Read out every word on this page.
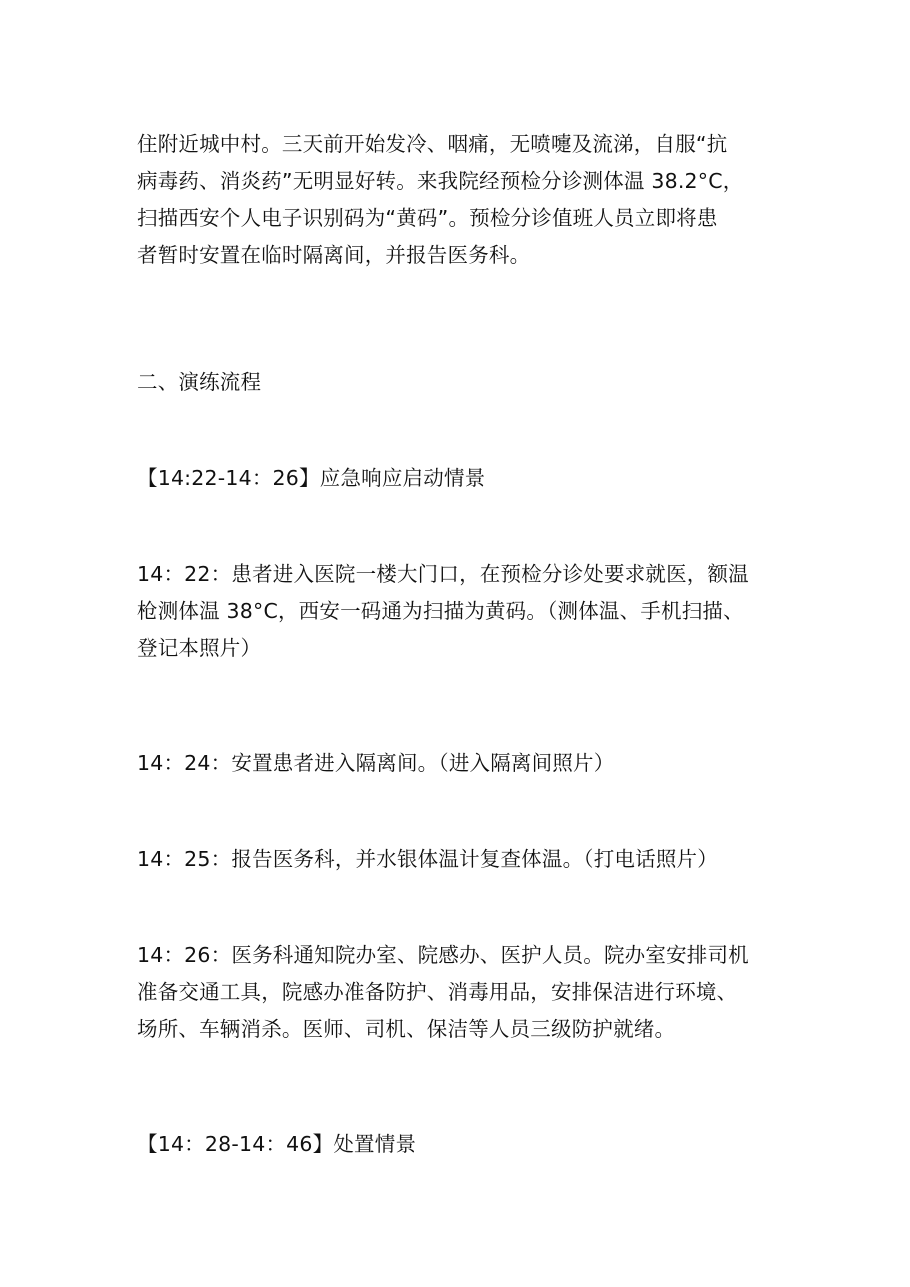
住附近城中村。三天前开始发冷、咽痛，无喷嚏及流涕，自服“抗
病毒药、消炎药”无明显好转。来我院经预检分诊测体温 38.2°C，
扫描西安个人电子识别码为“黄码”。预检分诊值班人员立即将患
者暂时安置在临时隔离间，并报告医务科。
二、演练流程
【14:22-14：26】应急响应启动情景
14：22：患者进入医院一楼大门口，在预检分诊处要求就医，额温
枪测体温 38°C，西安一码通为扫描为黄码。（测体温、手机扫描、
登记本照片）
14：24：安置患者进入隔离间。（进入隔离间照片）
14：25：报告医务科，并水银体温计复查体温。（打电话照片）
14：26：医务科通知院办室、院感办、医护人员。院办室安排司机
准备交通工具，院感办准备防护、消毒用品，安排保洁进行环境、
场所、车辆消杀。医师、司机、保洁等人员三级防护就绪。
【14：28-14：46】处置情景
